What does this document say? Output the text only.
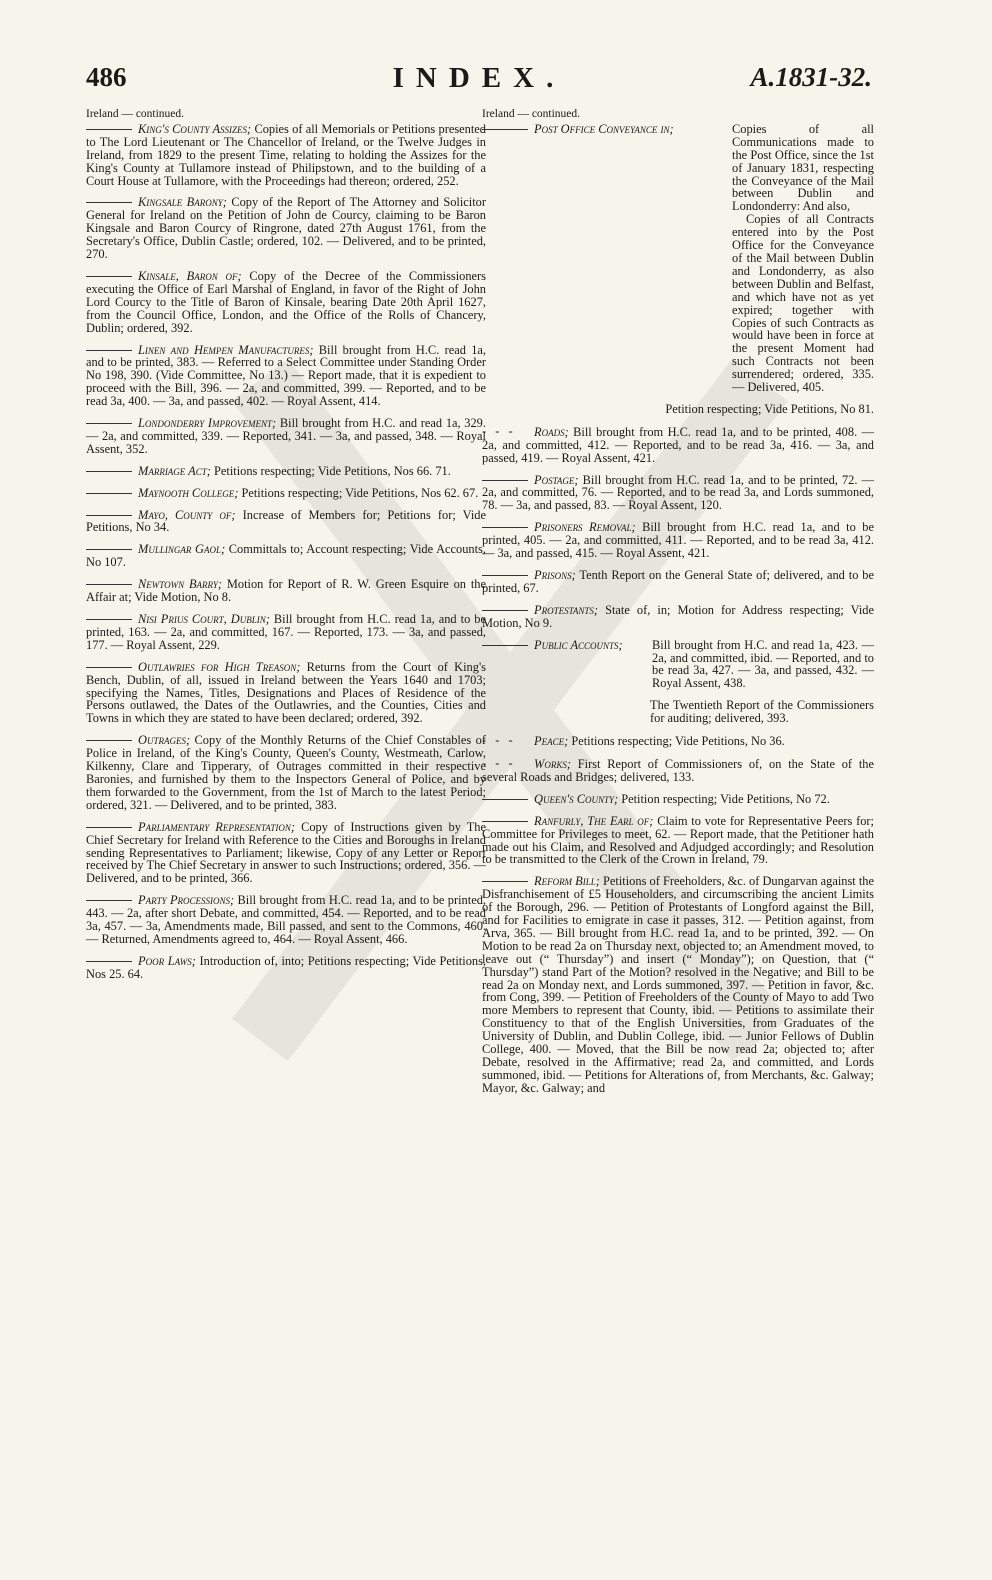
486	INDEX.	A.1831-32.
Ireland — continued.
King's County Assizes; Copies of all Memorials or Petitions presented to The Lord Lieutenant or The Chancellor of Ireland, or the Twelve Judges in Ireland, from 1829 to the present Time, relating to holding the Assizes for the King's County at Tullamore instead of Philipstown, and to the building of a Court House at Tullamore, with the Proceedings had thereon; ordered, 252.
Kingsale Barony; Copy of the Report of The Attorney and Solicitor General for Ireland on the Petition of John de Courcy, claiming to be Baron Kingsale and Baron Courcy of Ringrone, dated 27th August 1761, from the Secretary's Office, Dublin Castle; ordered, 102. — Delivered, and to be printed, 270.
Kinsale, Baron of; Copy of the Decree of the Commissioners executing the Office of Earl Marshal of England, in favor of the Right of John Lord Courcy to the Title of Baron of Kinsale, bearing Date 20th April 1627, from the Council Office, London, and the Office of the Rolls of Chancery, Dublin; ordered, 392.
Linen and Hempen Manufactures; Bill brought from H.C. read 1a, and to be printed, 383. — Referred to a Select Committee under Standing Order No 198, 390. (Vide Committee, No 13.) — Report made, that it is expedient to proceed with the Bill, 396. — 2a, and committed, 399. — Reported, and to be read 3a, 400. — 3a, and passed, 402. — Royal Assent, 414.
Londonderry Improvement; Bill brought from H.C. and read 1a, 329. — 2a, and committed, 339. — Reported, 341. — 3a, and passed, 348. — Royal Assent, 352.
Marriage Act; Petitions respecting; Vide Petitions, Nos 66. 71.
Maynooth College; Petitions respecting; Vide Petitions, Nos 62. 67.
Mayo, County of; Increase of Members for; Petitions for; Vide Petitions, No 34.
Mullingar Gaol; Committals to; Account respecting; Vide Accounts, No 107.
Newtown Barry; Motion for Report of R. W. Green Esquire on the Affair at; Vide Motion, No 8.
Nisi Prius Court, Dublin; Bill brought from H.C. read 1a, and to be printed, 163. — 2a, and committed, 167. — Reported, 173. — 3a, and passed, 177. — Royal Assent, 229.
Outlawries for High Treason; Returns from the Court of King's Bench, Dublin, of all, issued in Ireland between the Years 1640 and 1703; specifying the Names, Titles, Designations and Places of Residence of the Persons outlawed, the Dates of the Outlawries, and the Counties, Cities and Towns in which they are stated to have been declared; ordered, 392.
Outrages; Copy of the Monthly Returns of the Chief Constables of Police in Ireland, of the King's County, Queen's County, Westmeath, Carlow, Kilkenny, Clare and Tipperary, of Outrages committed in their respective Baronies, and furnished by them to the Inspectors General of Police, and by them forwarded to the Government, from the 1st of March to the latest Period; ordered, 321. — Delivered, and to be printed, 383.
Parliamentary Representation; Copy of Instructions given by The Chief Secretary for Ireland with Reference to the Cities and Boroughs in Ireland sending Representatives to Parliament; likewise, Copy of any Letter or Report received by The Chief Secretary in answer to such Instructions; ordered, 356. — Delivered, and to be printed, 366.
Party Processions; Bill brought from H.C. read 1a, and to be printed, 443. — 2a, after short Debate, and committed, 454. — Reported, and to be read 3a, 457. — 3a, Amendments made, Bill passed, and sent to the Commons, 460. — Returned, Amendments agreed to, 464. — Royal Assent, 466.
Poor Laws; Introduction of, into; Petitions respecting; Vide Petitions, Nos 25. 64.
Ireland — continued.
Post Office Conveyance in;	Copies of all Communications made to the Post Office, since the 1st of January 1831, respecting the Conveyance of the Mail between Dublin and Londonderry: And also,

Copies of all Contracts entered into by the Post Office for the Conveyance of the Mail between Dublin and Londonderry, as also between Dublin and Belfast, and which have not as yet expired; together with Copies of such Contracts as would have been in force at the present Moment had such Contracts not been surrendered; ordered, 335. — Delivered, 405.

Petition respecting; Vide Petitions, No 81.
- - - Roads; Bill brought from H.C. read 1a, and to be printed, 408. — 2a, and committed, 412. — Reported, and to be read 3a, 416. — 3a, and passed, 419. — Royal Assent, 421.
Postage; Bill brought from H.C. read 1a, and to be printed, 72. — 2a, and committed, 76. — Reported, and to be read 3a, and Lords summoned, 78. — 3a, and passed, 83. — Royal Assent, 120.
Prisoners Removal; Bill brought from H.C. read 1a, and to be printed, 405. — 2a, and committed, 411. — Reported, and to be read 3a, 412. — 3a, and passed, 415. — Royal Assent, 421.
Prisons; Tenth Report on the General State of; delivered, and to be printed, 67.
Protestants; State of, in; Motion for Address respecting; Vide Motion, No 9.
Public Accounts;	Bill brought from H.C. and read 1a, 423. — 2a, and committed, ibid. — Reported, and to be read 3a, 427. — 3a, and passed, 432. — Royal Assent, 438.

The Twentieth Report of the Commissioners for auditing; delivered, 393.
- - - Peace; Petitions respecting; Vide Petitions, No 36.
- - - Works; First Report of Commissioners of, on the State of the several Roads and Bridges; delivered, 133.
Queen's County; Petition respecting; Vide Petitions, No 72.
Ranfurly, The Earl of; Claim to vote for Representative Peers for; Committee for Privileges to meet, 62. — Report made, that the Petitioner hath made out his Claim, and Resolved and Adjudged accordingly; and Resolution to be transmitted to the Clerk of the Crown in Ireland, 79.
Reform Bill; Petitions of Freeholders, &c. of Dungarvan against the Disfranchisement of £5 Householders, and circumscribing the ancient Limits of the Borough, 296. — Petition of Protestants of Longford against the Bill, and for Facilities to emigrate in case it passes, 312. — Petition against, from Arva, 365. — Bill brought from H.C. read 1a, and to be printed, 392. — On Motion to be read 2a on Thursday next, objected to; an Amendment moved, to leave out (“ Thursday”) and insert (“ Monday”); on Question, that (“ Thursday”) stand Part of the Motion? resolved in the Negative; and Bill to be read 2a on Monday next, and Lords summoned, 397. — Petition in favor, &c. from Cong, 399. — Petition of Freeholders of the County of Mayo to add Two more Members to represent that County, ibid. — Petitions to assimilate their Constituency to that of the English Universities, from Graduates of the University of Dublin, and Dublin College, ibid. — Junior Fellows of Dublin College, 400. — Moved, that the Bill be now read 2a; objected to; after Debate, resolved in the Affirmative; read 2a, and committed, and Lords summoned, ibid. — Petitions for Alterations of, from Merchants, &c. Galway; Mayor, &c. Galway; and
